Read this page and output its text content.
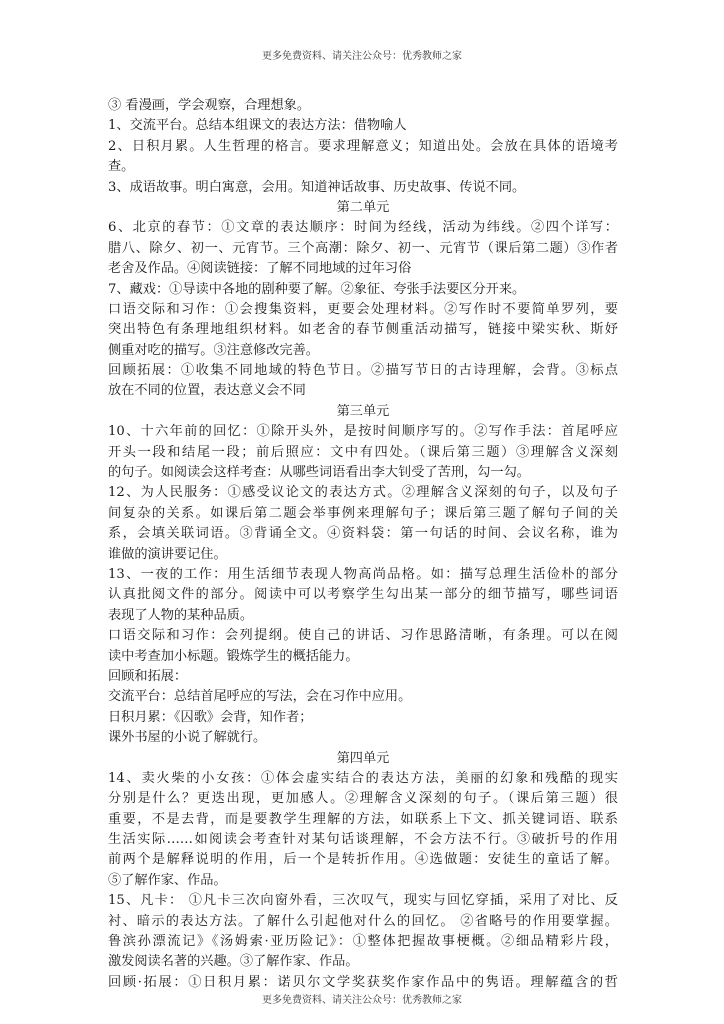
更多免费资料、请关注公众号：优秀教师之家
③ 看漫画，学会观察，合理想象。
1、交流平台。总结本组课文的表达方法：借物喻人
2、日积月累。人生哲理的格言。要求理解意义；知道出处。会放在具体的语境考
查。
3、成语故事。明白寓意，会用。知道神话故事、历史故事、传说不同。
第二单元
6、北京的春节：①文章的表达顺序：时间为经线，活动为纬线。②四个详写：
腊八、除夕、初一、元宵节。三个高潮：除夕、初一、元宵节（课后第二题）③作者
老舍及作品。④阅读链接：了解不同地域的过年习俗
7、藏戏：①导读中各地的剧种要了解。②象征、夸张手法要区分开来。
口语交际和习作：①会搜集资料，更要会处理材料。②写作时不要简单罗列，要
突出特色有条理地组织材料。如老舍的春节侧重活动描写，链接中梁实秋、斯妤
侧重对吃的描写。③注意修改完善。
回顾拓展：①收集不同地域的特色节日。②描写节日的古诗理解，会背。③标点
放在不同的位置，表达意义会不同
第三单元
10、十六年前的回忆：①除开头外，是按时间顺序写的。②写作手法：首尾呼应
开头一段和结尾一段；前后照应：文中有四处。（课后第三题）③理解含义深刻
的句子。如阅读会这样考查：从哪些词语看出李大钊受了苦刑，勾一勾。
12、为人民服务：①感受议论文的表达方式。②理解含义深刻的句子，以及句子
间复杂的关系。如课后第二题会举事例来理解句子；课后第三题了解句子间的关
系，会填关联词语。③背诵全文。④资料袋：第一句话的时间、会议名称，谁为
谁做的演讲要记住。
13、一夜的工作：用生活细节表现人物高尚品格。如：描写总理生活俭朴的部分
认真批阅文件的部分。阅读中可以考察学生勾出某一部分的细节描写，哪些词语
表现了人物的某种品质。
口语交际和习作：会列提纲。使自己的讲话、习作思路清晰，有条理。可以在阅
读中考查加小标题。锻炼学生的概括能力。
回顾和拓展：
交流平台：总结首尾呼应的写法，会在习作中应用。
日积月累：《囚歌》会背，知作者；
课外书屋的小说了解就行。
第四单元
14、卖火柴的小女孩：①体会虚实结合的表达方法，美丽的幻象和残酷的现实
分别是什么？更迭出现，更加感人。②理解含义深刻的句子。（课后第三题）很
重要，不是去背，而是要教学生理解的方法，如联系上下文、抓关键词语、联系
生活实际……如阅读会考查针对某句话谈理解，不会方法不行。③破折号的作用
前两个是解释说明的作用，后一个是转折作用。④选做题：安徒生的童话了解。
⑤了解作家、作品。
15、凡卡： ①凡卡三次向窗外看，三次叹气，现实与回忆穿插，采用了对比、反
衬、暗示的表达方法。了解什么引起他对什么的回忆。 ②省略号的作用要掌握。
鲁滨孙漂流记》《汤姆索·亚历险记》：①整体把握故事梗概。②细品精彩片段，
激发阅读名著的兴趣。③了解作家、作品。
回顾·拓展：①日积月累：诺贝尔文学奖获奖作家作品中的隽语。理解蕴含的哲
更多免费资料、请关注公众号：优秀教师之家
